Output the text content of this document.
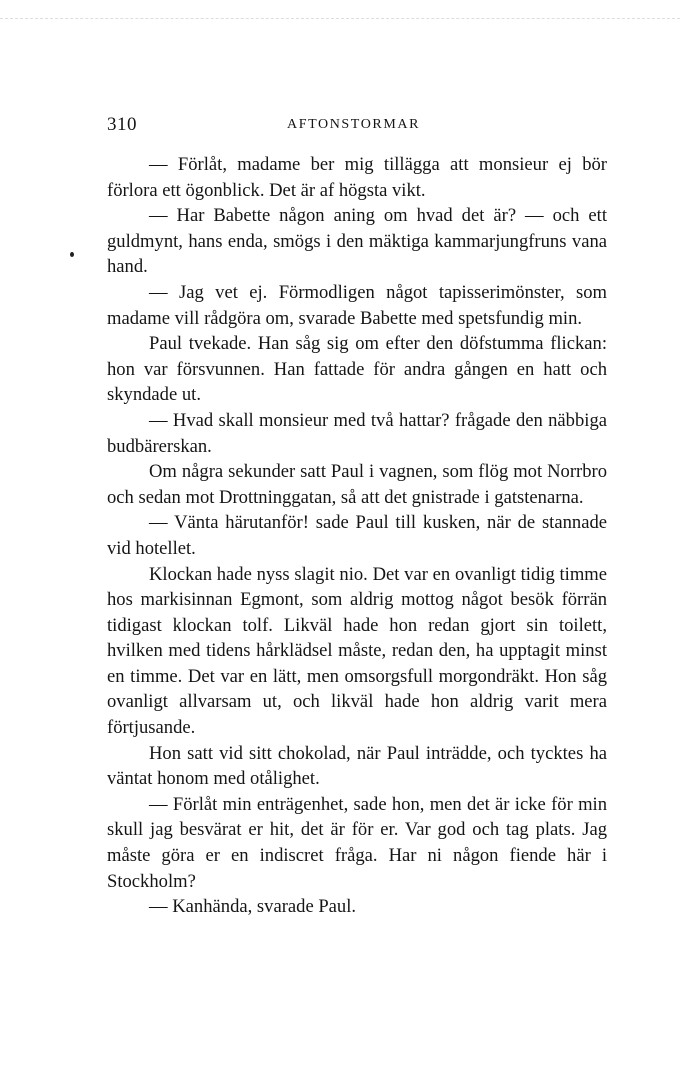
310	AFTONSTORMAR

— Förlåt, madame ber mig tillägga att monsieur ej bör förlora ett ögonblick. Det är af högsta vikt.

— Har Babette någon aning om hvad det är? — och ett guldmynt, hans enda, smögs i den mäktiga kammarjungfruns vana hand.

— Jag vet ej. Förmodligen något tapisserimönster, som madame vill rådgöra om, svarade Babette med spetsfundig min.

Paul tvekade. Han såg sig om efter den döfstumma flickan: hon var försvunnen. Han fattade för andra gången en hatt och skyndade ut.

— Hvad skall monsieur med två hattar? frågade den näbbiga budbärerskan.

Om några sekunder satt Paul i vagnen, som flög mot Norrbro och sedan mot Drottninggatan, så att det gnistrade i gatstenarna.

— Vänta härutanför! sade Paul till kusken, när de stannade vid hotellet.

Klockan hade nyss slagit nio. Det var en ovanligt tidig timme hos markisinnan Egmont, som aldrig mottog något besök förrän tidigast klockan tolf. Likväl hade hon redan gjort sin toilett, hvilken med tidens hårklädsel måste, redan den, ha upptagit minst en timme. Det var en lätt, men omsorgsfull morgondräkt. Hon såg ovanligt allvarsam ut, och likväl hade hon aldrig varit mera förtjusande.

Hon satt vid sitt chokolad, när Paul inträdde, och tycktes ha väntat honom med otålighet.

— Förlåt min enträgenhet, sade hon, men det är icke för min skull jag besvärat er hit, det är för er. Var god och tag plats. Jag måste göra er en indiscret fråga. Har ni någon fiende här i Stockholm?

— Kanhända, svarade Paul.
